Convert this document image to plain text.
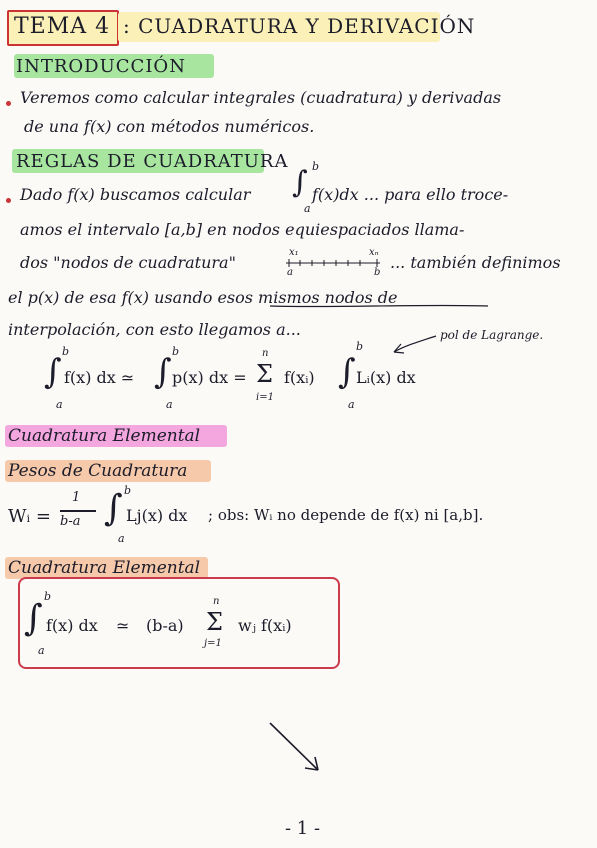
TEMA 4 : CUADRATURA Y DERIVACIÓN
INTRODUCCIÓN
Veremos como calcular integrales (cuadratura) y derivadas
de una f(x) con métodos numéricos.
REGLAS DE CUADRATURA
Dado f(x) buscamos calcular ∫ b
a
f(x)dx ... para ello troce-
amos el intervalo [a,b] en nodos equiespaciados llama-
dos "nodos de cuadratura"
x₁	xₙ
a	b
... también definimos
el p(x) de esa f(x) usando esos mismos nodos de
interpolación, con esto llegamos a...	pol de Lagrange.
∫
b
a
f(x) dx ≃ ∫
b
a
p(x) dx = Σ
n
i=1
f(xᵢ) ∫
b
a
Lᵢ(x) dx
Cuadratura Elemental
Pesos de Cuadratura
Wᵢ =
1
b-a ∫ b
a
Lj(x) dx ; obs: Wᵢ no depende de f(x) ni [a,b].
Cuadratura Elemental
∫
b
a
f(x) dx ≃ (b-a) Σ
n
j=1
wⱼ f(xᵢ)
- 1 -
